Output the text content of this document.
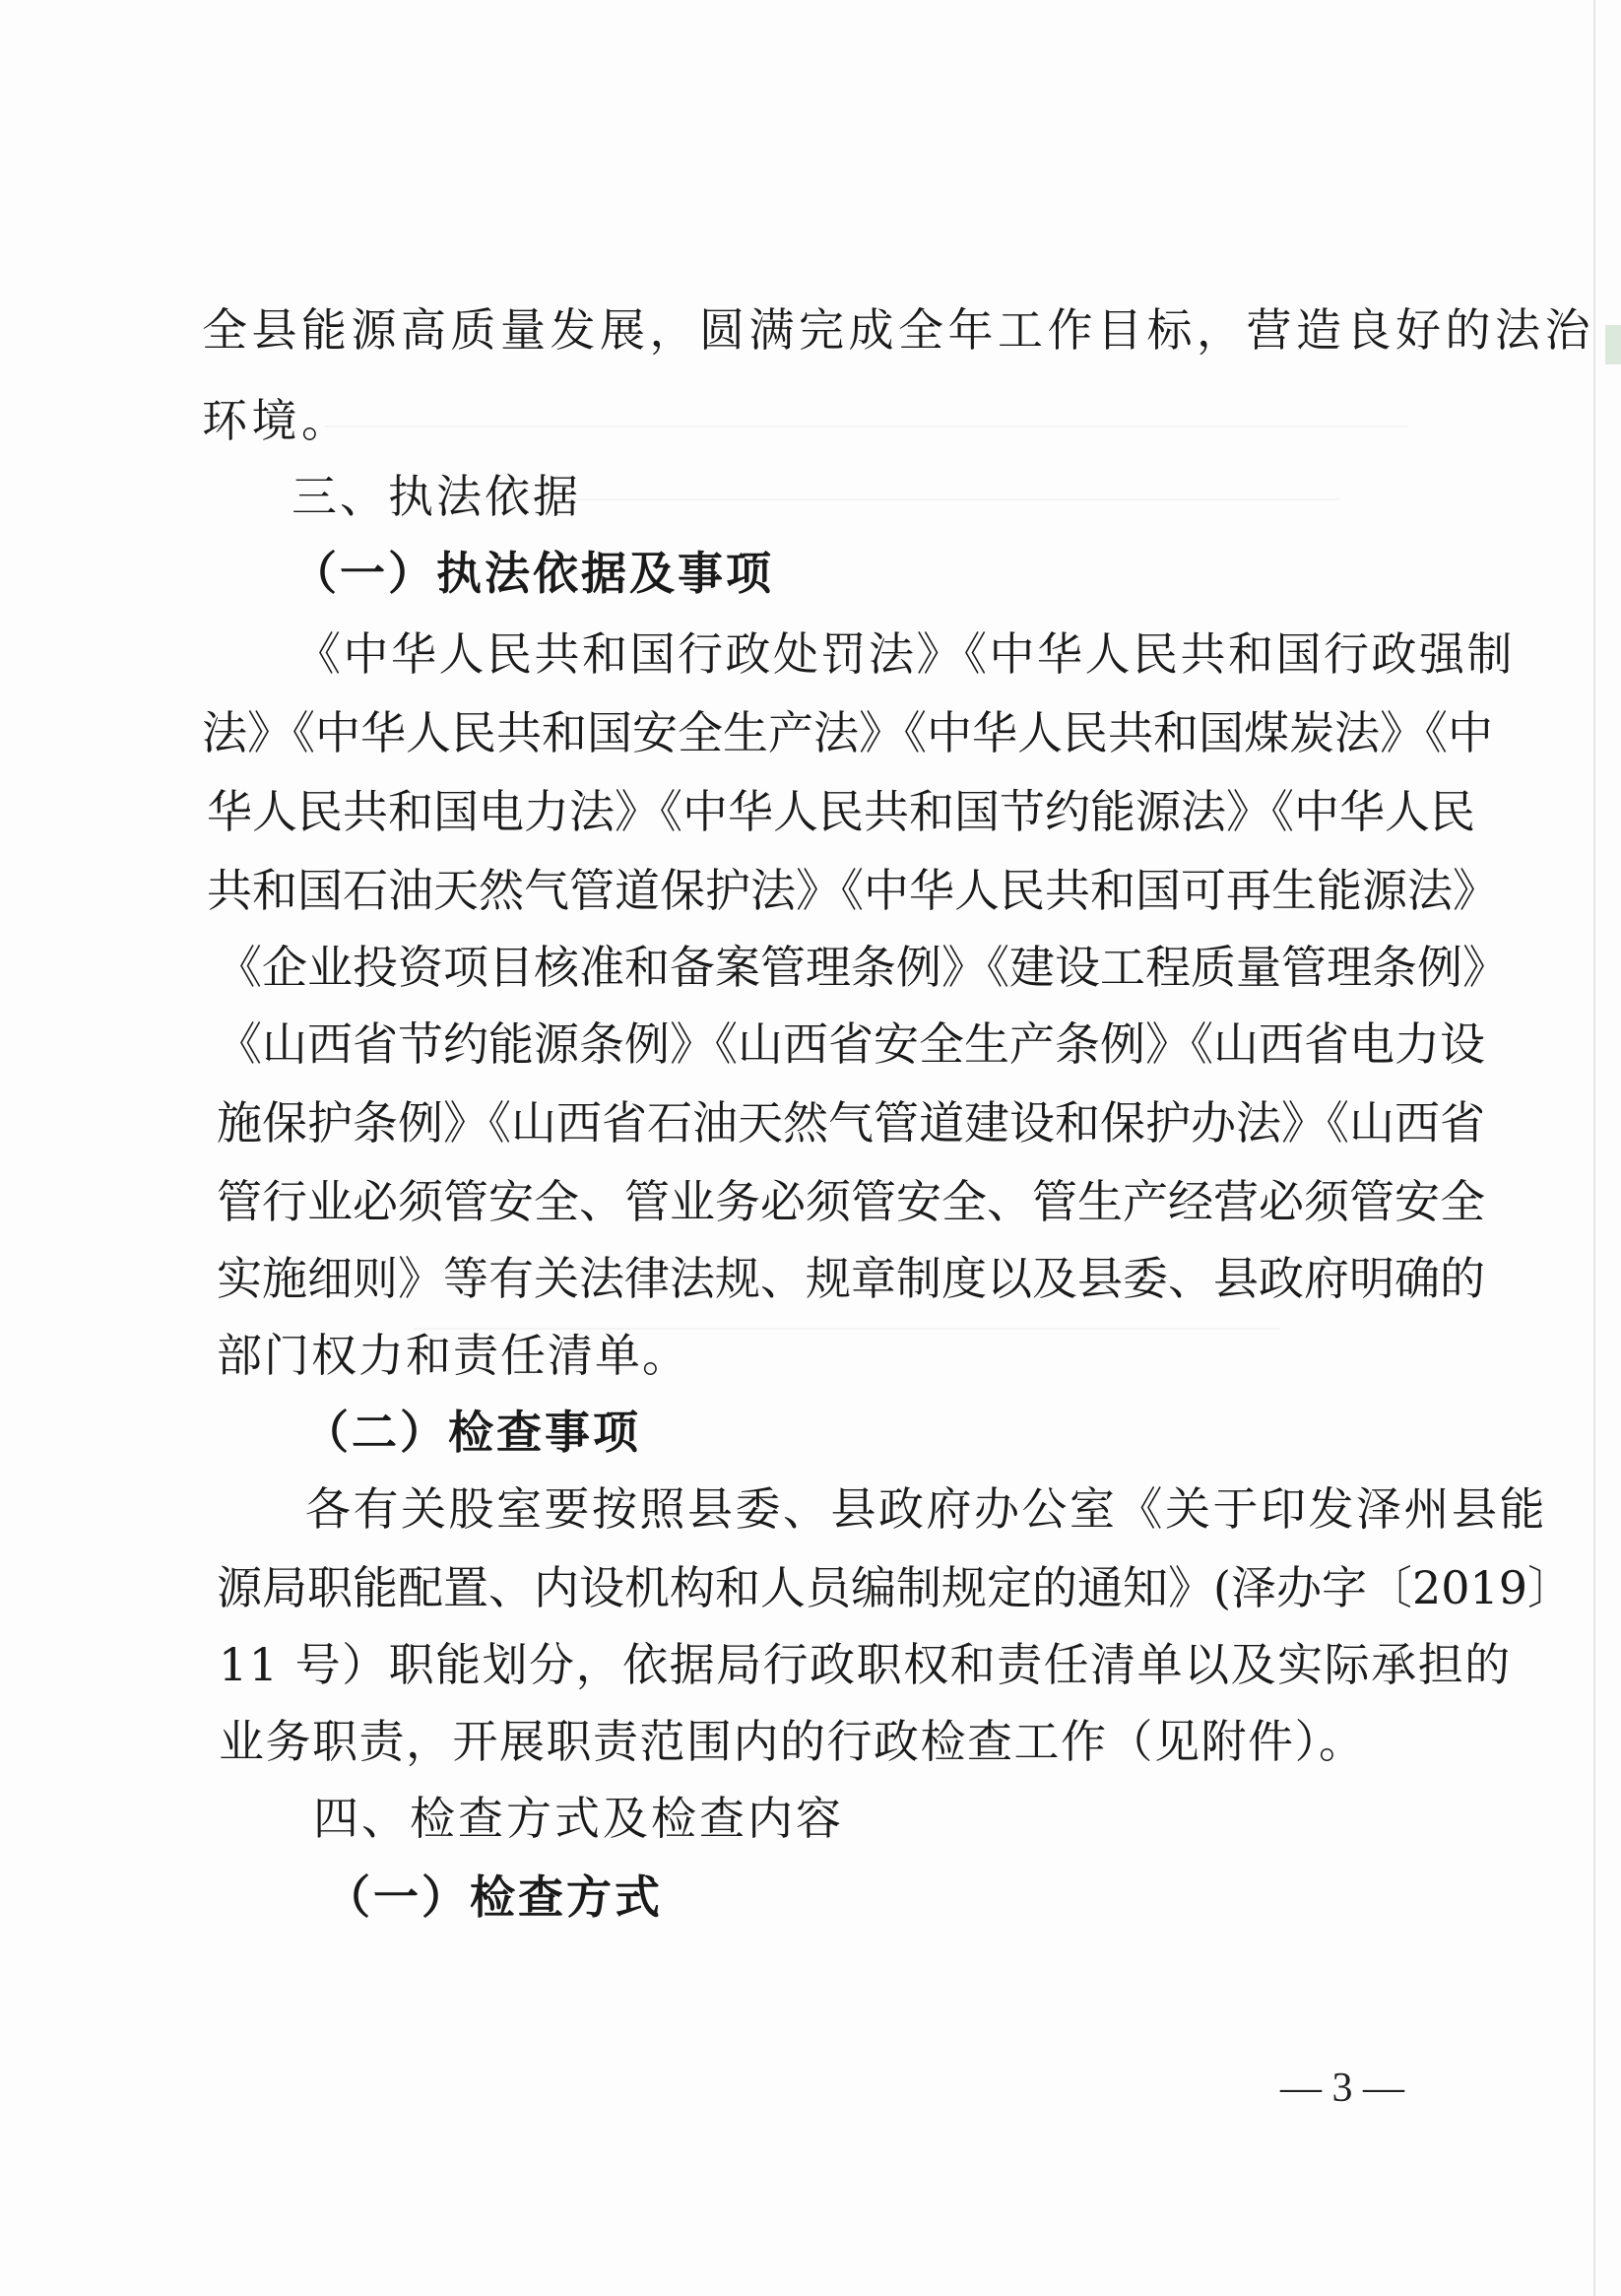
全县能源高质量发展，圆满完成全年工作目标，营造良好的法治
环境。
三、执法依据
（一）执法依据及事项
《中华人民共和国行政处罚法》《中华人民共和国行政强制
法》《中华人民共和国安全生产法》《中华人民共和国煤炭法》《中
华人民共和国电力法》《中华人民共和国节约能源法》《中华人民
共和国石油天然气管道保护法》《中华人民共和国可再生能源法》
《企业投资项目核准和备案管理条例》《建设工程质量管理条例》
《山西省节约能源条例》《山西省安全生产条例》《山西省电力设
施保护条例》《山西省石油天然气管道建设和保护办法》《山西省
管行业必须管安全、管业务必须管安全、管生产经营必须管安全
实施细则》等有关法律法规、规章制度以及县委、县政府明确的
部门权力和责任清单。
（二）检查事项
各有关股室要按照县委、县政府办公室《关于印发泽州县能
源局职能配置、内设机构和人员编制规定的通知》(泽办字〔2019〕
11 号）职能划分，依据局行政职权和责任清单以及实际承担的
业务职责，开展职责范围内的行政检查工作（见附件）。
四、检查方式及检查内容
（一）检查方式
— 3 —
